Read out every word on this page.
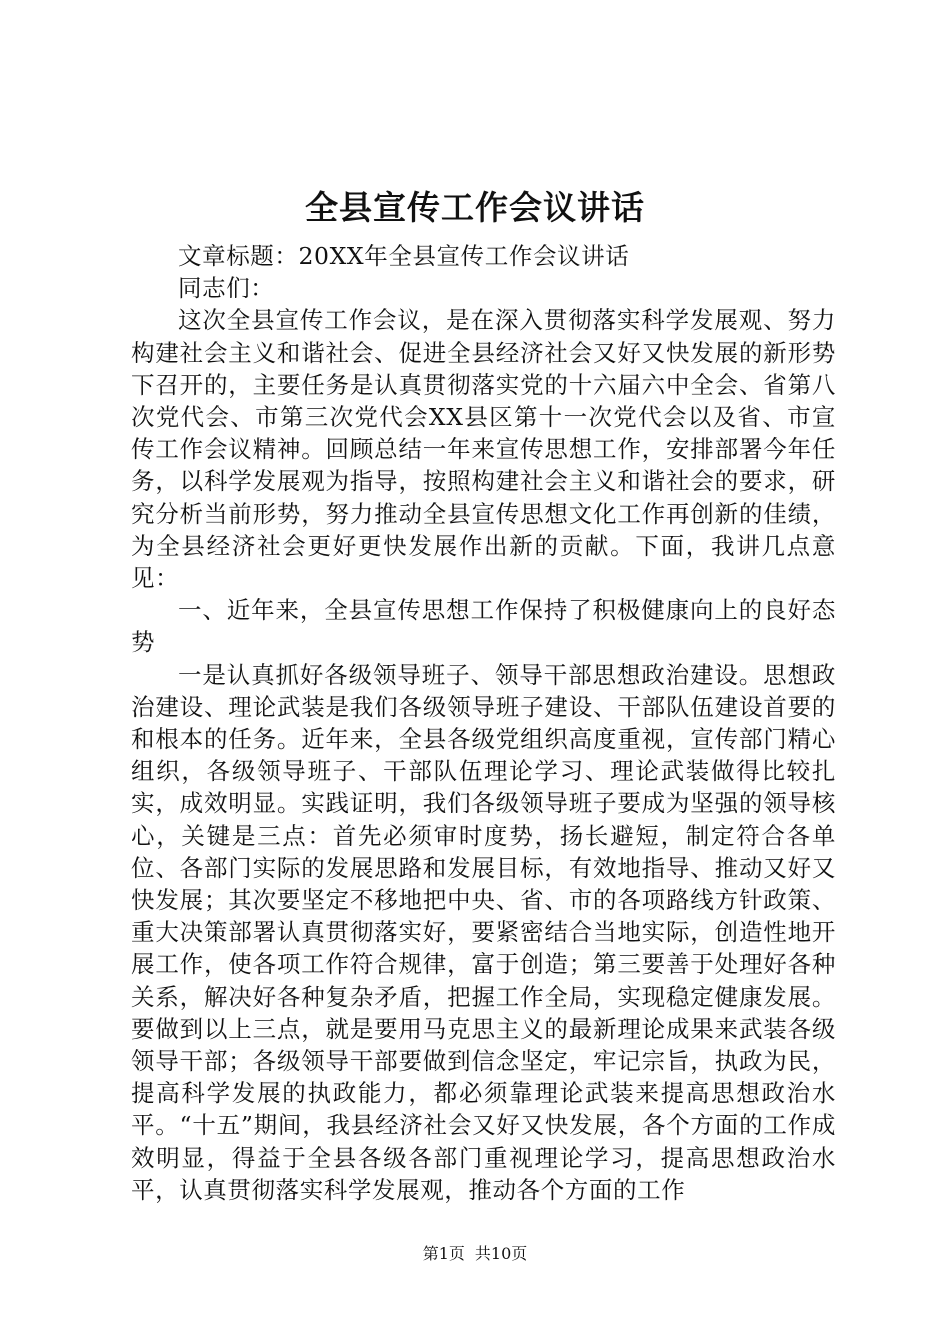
全县宣传工作会议讲话

文章标题：20XX年全县宣传工作会议讲话

同志们：

这次全县宣传工作会议，是在深入贯彻落实科学发展观、努力构建社会主义和谐社会、促进全县经济社会又好又快发展的新形势下召开的，主要任务是认真贯彻落实党的十六届六中全会、省第八次党代会、市第三次党代会XX县区第十一次党代会以及省、市宣传工作会议精神。回顾总结一年来宣传思想工作，安排部署今年任务，以科学发展观为指导，按照构建社会主义和谐社会的要求，研究分析当前形势，努力推动全县宣传思想文化工作再创新的佳绩，为全县经济社会更好更快发展作出新的贡献。下面，我讲几点意见：

一、近年来，全县宣传思想工作保持了积极健康向上的良好态势

一是认真抓好各级领导班子、领导干部思想政治建设。思想政治建设、理论武装是我们各级领导班子建设、干部队伍建设首要的和根本的任务。近年来，全县各级党组织高度重视，宣传部门精心组织，各级领导班子、干部队伍理论学习、理论武装做得比较扎实，成效明显。实践证明，我们各级领导班子要成为坚强的领导核心，关键是三点：首先必须审时度势，扬长避短，制定符合各单位、各部门实际的发展思路和发展目标，有效地指导、推动又好又快发展；其次要坚定不移地把中央、省、市的各项路线方针政策、重大决策部署认真贯彻落实好，要紧密结合当地实际，创造性地开展工作，使各项工作符合规律，富于创造；第三要善于处理好各种关系，解决好各种复杂矛盾，把握工作全局，实现稳定健康发展。要做到以上三点，就是要用马克思主义的最新理论成果来武装各级领导干部；各级领导干部要做到信念坚定，牢记宗旨，执政为民，提高科学发展的执政能力，都必须靠理论武装来提高思想政治水平。“十五”期间，我县经济社会又好又快发展，各个方面的工作成效明显，得益于全县各级各部门重视理论学习，提高思想政治水平，认真贯彻落实科学发展观，推动各个方面的工作

第1页 共10页
